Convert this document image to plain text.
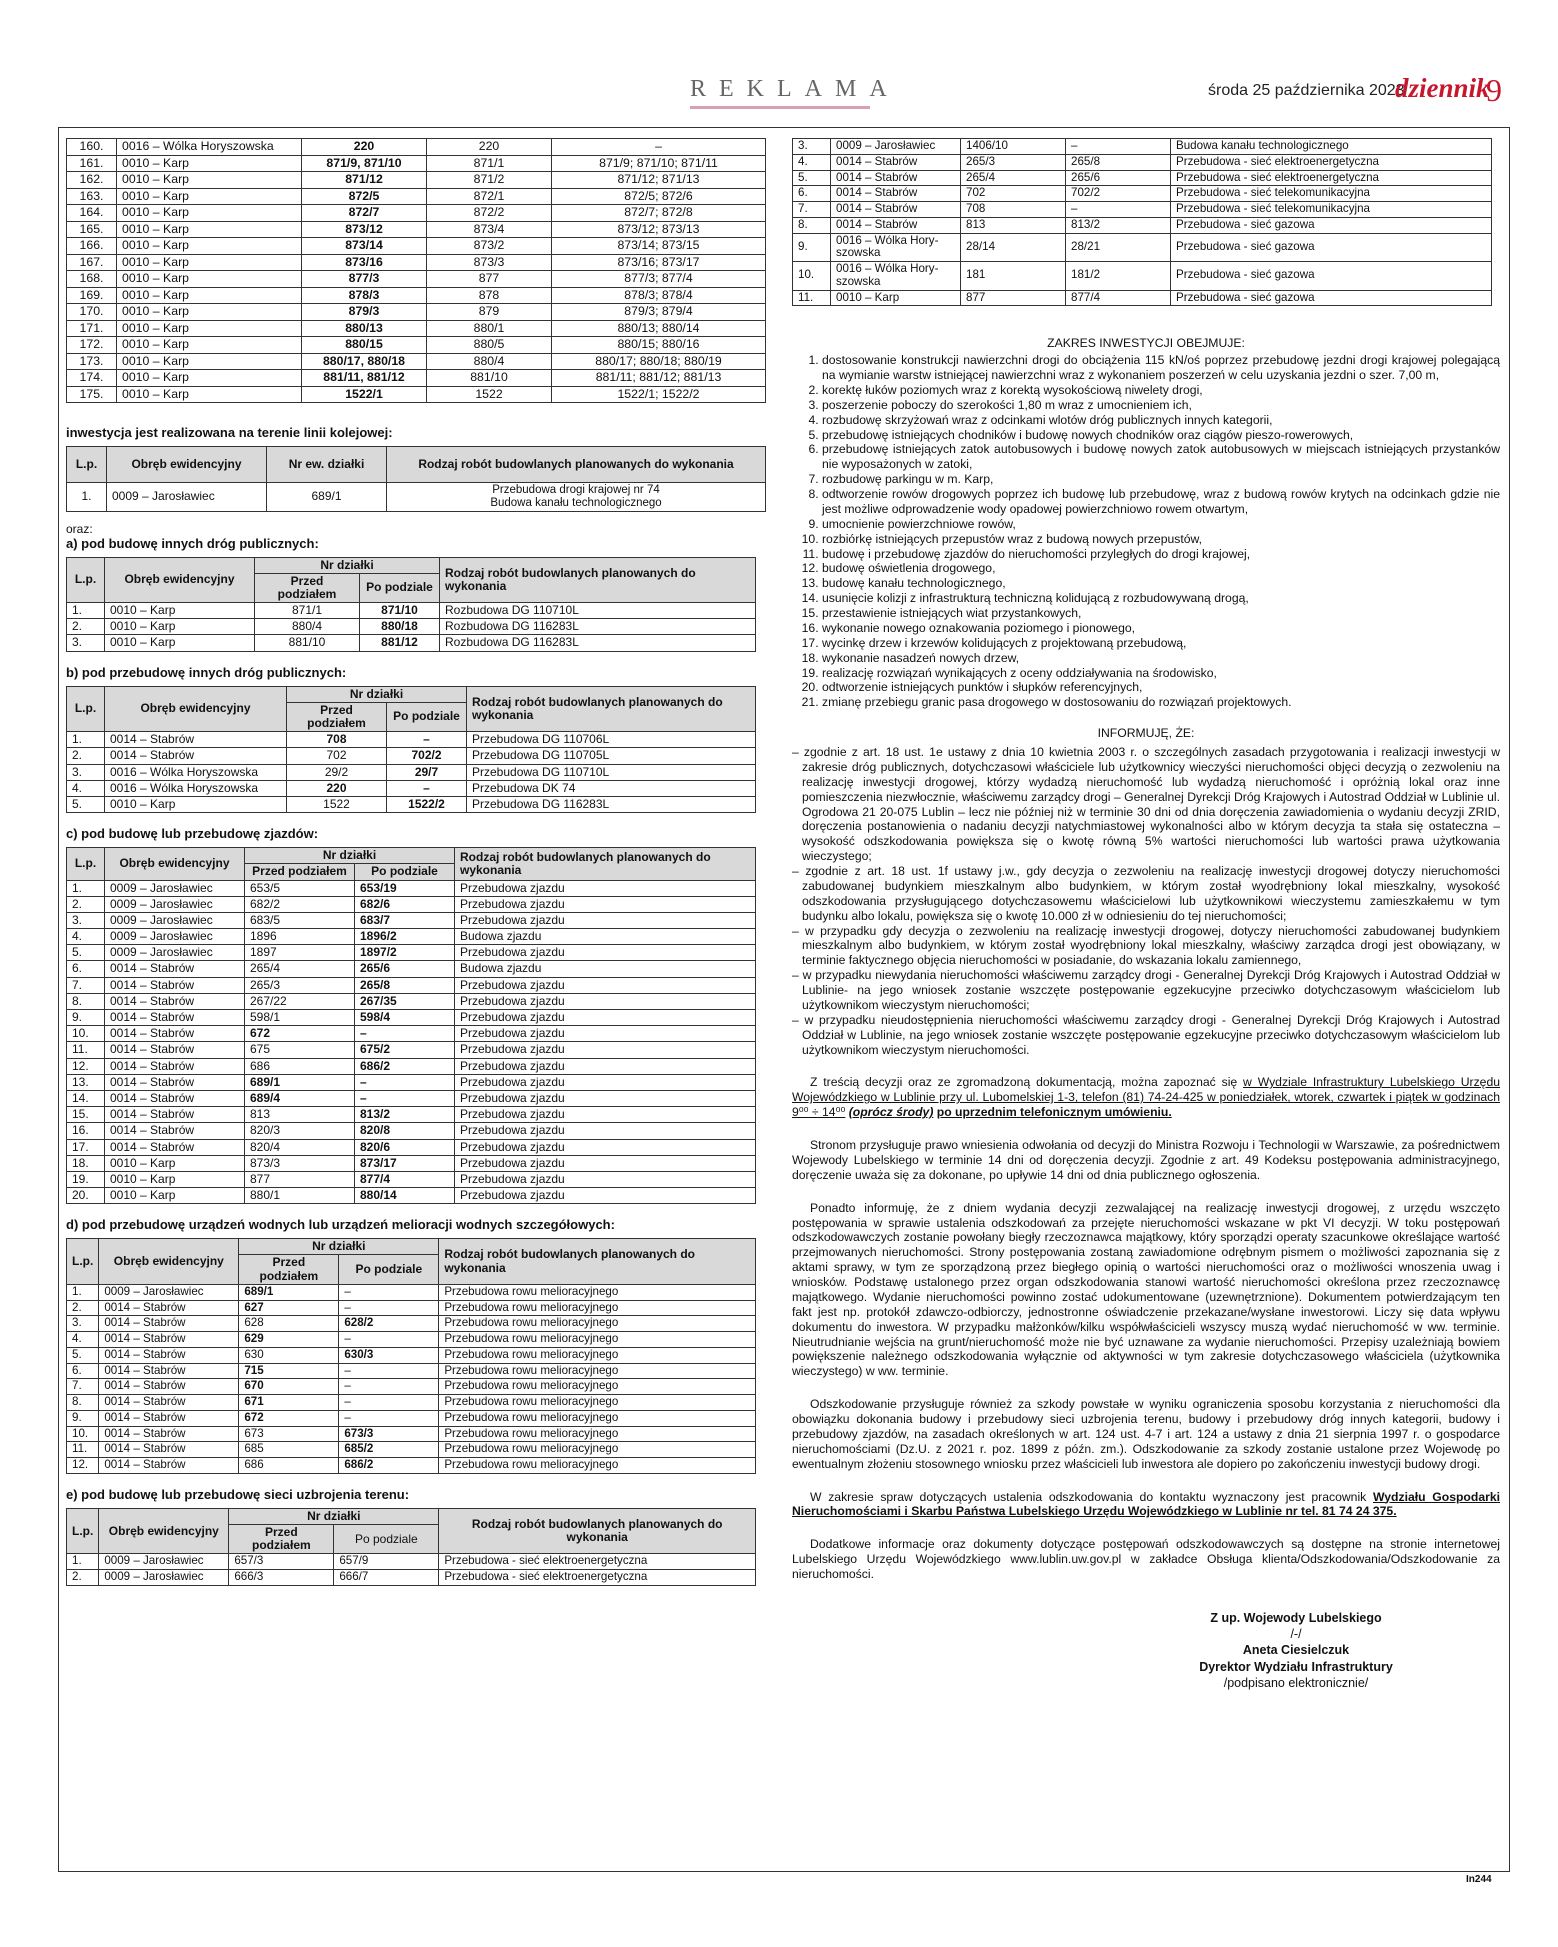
REKLAMA	środa 25 października 2023
dziennik
9
160.	0016 – Wólka Horyszowska	220	220	–
161.	0010 – Karp	871/9, 871/10	871/1	871/9; 871/10; 871/11
162.	0010 – Karp	871/12	871/2	871/12; 871/13
163.	0010 – Karp	872/5	872/1	872/5; 872/6
164.	0010 – Karp	872/7	872/2	872/7; 872/8
165.	0010 – Karp	873/12	873/4	873/12; 873/13
166.	0010 – Karp	873/14	873/2	873/14; 873/15
167.	0010 – Karp	873/16	873/3	873/16; 873/17
168.	0010 – Karp	877/3	877	877/3; 877/4
169.	0010 – Karp	878/3	878	878/3; 878/4
170.	0010 – Karp	879/3	879	879/3; 879/4
171.	0010 – Karp	880/13	880/1	880/13; 880/14
172.	0010 – Karp	880/15	880/5	880/15; 880/16
173.	0010 – Karp	880/17, 880/18	880/4	880/17; 880/18; 880/19
174.	0010 – Karp	881/11, 881/12	881/10	881/11; 881/12; 881/13
175.	0010 – Karp	1522/1	1522	1522/1; 1522/2
inwestycja jest realizowana na terenie linii kolejowej:
L.p.	Obręb ewidencyjny	Nr ew. działki	Rodzaj robót budowlanych planowanych do wykonania
1.	0009 – Jarosławiec	689/1	Przebudowa drogi krajowej nr 74
Budowa kanału technologicznego
oraz:
a) pod budowę innych dróg publicznych:
L.p.	Obręb ewidencyjny	Nr działki		Rodzaj robót budowlanych planowanych do wykonania
		Przed podziałem	Po podziale	
1.	0010 – Karp	871/1	871/10	Rozbudowa DG 110710L
2.	0010 – Karp	880/4	880/18	Rozbudowa DG 116283L
3.	0010 – Karp	881/10	881/12	Rozbudowa DG 116283L
b) pod przebudowę innych dróg publicznych:
L.p.	Obręb ewidencyjny	Nr działki		Rodzaj robót budowlanych planowanych do wykonania
		Przed podziałem	Po podziale	
1.	0014 – Stabrów	708	–	Przebudowa DG 110706L
2.	0014 – Stabrów	702	702/2	Przebudowa DG 110705L
3.	0016 – Wólka Horyszowska	29/2	29/7	Przebudowa DG 110710L
4.	0016 – Wólka Horyszowska	220	–	Przebudowa DK 74
5.	0010 – Karp	1522	1522/2	Przebudowa DG 116283L
c) pod budowę lub przebudowę zjazdów:
L.p.	Obręb ewidencyjny	Nr działki		Rodzaj robót budowlanych planowanych do wykonania
		Przed podziałem	Po podziale	
1.	0009 – Jarosławiec	653/5	653/19	Przebudowa zjazdu
2.	0009 – Jarosławiec	682/2	682/6	Przebudowa zjazdu
3.	0009 – Jarosławiec	683/5	683/7	Przebudowa zjazdu
4.	0009 – Jarosławiec	1896	1896/2	Budowa zjazdu
5.	0009 – Jarosławiec	1897	1897/2	Przebudowa zjazdu
6.	0014 – Stabrów	265/4	265/6	Budowa zjazdu
7.	0014 – Stabrów	265/3	265/8	Przebudowa zjazdu
8.	0014 – Stabrów	267/22	267/35	Przebudowa zjazdu
9.	0014 – Stabrów	598/1	598/4	Przebudowa zjazdu
10.	0014 – Stabrów	672	–	Przebudowa zjazdu
11.	0014 – Stabrów	675	675/2	Przebudowa zjazdu
12.	0014 – Stabrów	686	686/2	Przebudowa zjazdu
13.	0014 – Stabrów	689/1	–	Przebudowa zjazdu
14.	0014 – Stabrów	689/4	–	Przebudowa zjazdu
15.	0014 – Stabrów	813	813/2	Przebudowa zjazdu
16.	0014 – Stabrów	820/3	820/8	Przebudowa zjazdu
17.	0014 – Stabrów	820/4	820/6	Przebudowa zjazdu
18.	0010 – Karp	873/3	873/17	Przebudowa zjazdu
19.	0010 – Karp	877	877/4	Przebudowa zjazdu
20.	0010 – Karp	880/1	880/14	Przebudowa zjazdu
d) pod przebudowę urządzeń wodnych lub urządzeń melioracji wodnych szczegółowych:
L.p.	Obręb ewidencyjny	Nr działki		Rodzaj robót budowlanych planowanych do wykonania
		Przed podziałem	Po podziale	
1.	0009 – Jarosławiec	689/1	–	Przebudowa rowu melioracyjnego
2.	0014 – Stabrów	627	–	Przebudowa rowu melioracyjnego
3.	0014 – Stabrów	628	628/2	Przebudowa rowu melioracyjnego
4.	0014 – Stabrów	629	–	Przebudowa rowu melioracyjnego
5.	0014 – Stabrów	630	630/3	Przebudowa rowu melioracyjnego
6.	0014 – Stabrów	715	–	Przebudowa rowu melioracyjnego
7.	0014 – Stabrów	670	–	Przebudowa rowu melioracyjnego
8.	0014 – Stabrów	671	–	Przebudowa rowu melioracyjnego
9.	0014 – Stabrów	672	–	Przebudowa rowu melioracyjnego
10.	0014 – Stabrów	673	673/3	Przebudowa rowu melioracyjnego
11.	0014 – Stabrów	685	685/2	Przebudowa rowu melioracyjnego
12.	0014 – Stabrów	686	686/2	Przebudowa rowu melioracyjnego
e) pod budowę lub przebudowę sieci uzbrojenia terenu:
L.p.	Obręb ewidencyjny	Nr działki		Rodzaj robót budowlanych planowanych do wykonania
		Przed podziałem	Po podziale	
1.	0009 – Jarosławiec	657/3	657/9	Przebudowa - sieć elektroenergetyczna
2.	0009 – Jarosławiec	666/3	666/7	Przebudowa - sieć elektroenergetyczna
3.	0009 – Jarosławiec	1406/10	–	Budowa kanału technologicznego
4.	0014 – Stabrów	265/3	265/8	Przebudowa - sieć elektroenergetyczna
5.	0014 – Stabrów	265/4	265/6	Przebudowa - sieć elektroenergetyczna
6.	0014 – Stabrów	702	702/2	Przebudowa - sieć telekomunikacyjna
7.	0014 – Stabrów	708	–	Przebudowa - sieć telekomunikacyjna
8.	0014 – Stabrów	813	813/2	Przebudowa - sieć gazowa
9.	0016 – Wólka Hory- szowska	28/14	28/21	Przebudowa - sieć gazowa
10.	0016 – Wólka Hory- szowska	181	181/2	Przebudowa - sieć gazowa
11.	0010 – Karp	877	877/4	Przebudowa - sieć gazowa
ZAKRES INWESTYCJI OBEJMUJE:
1. dostosowanie konstrukcji nawierzchni drogi do obciążenia 115 kN/oś poprzez przebudowę jezdni drogi krajowej polegającą na wymianie warstw istniejącej nawierzchni wraz z wykonaniem poszerzeń w celu uzyskania jezdni o szer. 7,00 m,
2. korektę łuków poziomych wraz z korektą wysokościową niwelety drogi,
3. poszerzenie poboczy do szerokości 1,80 m wraz z umocnieniem ich,
4. rozbudowę skrzyżowań wraz z odcinkami wlotów dróg publicznych innych kategorii,
5. przebudowę istniejących chodników i budowę nowych chodników oraz ciągów pieszo-rowerowych,
6. przebudowę istniejących zatok autobusowych i budowę nowych zatok autobusowych w miejscach istniejących przystanków nie wyposażonych w zatoki,
7. rozbudowę parkingu w m. Karp,
8. odtworzenie rowów drogowych poprzez ich budowę lub przebudowę, wraz z budową rowów krytych na odcinkach gdzie nie jest możliwe odprowadzenie wody opadowej powierzchniowo rowem otwartym,
9. umocnienie powierzchniowe rowów,
10. rozbiórkę istniejących przepustów wraz z budową nowych przepustów,
11. budowę i przebudowę zjazdów do nieruchomości przyległych do drogi krajowej,
12. budowę oświetlenia drogowego,
13. budowę kanału technologicznego,
14. usunięcie kolizji z infrastrukturą techniczną kolidującą z rozbudowywaną drogą,
15. przestawienie istniejących wiat przystankowych,
16. wykonanie nowego oznakowania poziomego i pionowego,
17. wycinkę drzew i krzewów kolidujących z projektowaną przebudową,
18. wykonanie nasadzeń nowych drzew,
19. realizację rozwiązań wynikających z oceny oddziaływania na środowisko,
20. odtworzenie istniejących punktów i słupków referencyjnych,
21. zmianę przebiegu granic pasa drogowego w dostosowaniu do rozwiązań projektowych.
INFORMUJĘ, ŻE:
– zgodnie z art. 18 ust. 1e ustawy z dnia 10 kwietnia 2003 r. o szczególnych zasadach przygotowania i realizacji inwestycji w zakresie dróg publicznych, dotychczasowi właściciele lub użytkownicy wieczyści nieruchomości objęci decyzją o zezwoleniu na realizację inwestycji drogowej, którzy wydadzą nieruchomość lub wydadzą nieruchomość i opróżnią lokal oraz inne pomieszczenia niezwłocznie, właściwemu zarządcy drogi – Generalnej Dyrekcji Dróg Krajowych i Autostrad Oddział w Lublinie ul. Ogrodowa 21 20-075 Lublin – lecz nie później niż w terminie 30 dni od dnia doręczenia zawiadomienia o wydaniu decyzji ZRID, doręczenia postanowienia o nadaniu decyzji natychmiastowej wykonalności albo w którym decyzja ta stała się ostateczna – wysokość odszkodowania powiększa się o kwotę równą 5% wartości nieruchomości lub wartości prawa użytkowania wieczystego;
– zgodnie z art. 18 ust. 1f ustawy j.w., gdy decyzja o zezwoleniu na realizację inwestycji drogowej dotyczy nieruchomości zabudowanej budynkiem mieszkalnym albo budynkiem, w którym został wyodrębniony lokal mieszkalny, wysokość odszkodowania przysługującego dotychczasowemu właścicielowi lub użytkownikowi wieczystemu zamieszkałemu w tym budynku albo lokalu, powiększa się o kwotę 10.000 zł w odniesieniu do tej nieruchomości;
– w przypadku gdy decyzja o zezwoleniu na realizację inwestycji drogowej, dotyczy nieruchomości zabudowanej budynkiem mieszkalnym albo budynkiem, w którym został wyodrębniony lokal mieszkalny, właściwy zarządca drogi jest obowiązany, w terminie faktycznego objęcia nieruchomości w posiadanie, do wskazania lokalu zamiennego,
– w przypadku niewydania nieruchomości właściwemu zarządcy drogi - Generalnej Dyrekcji Dróg Krajowych i Autostrad Oddział w Lublinie- na jego wniosek zostanie wszczęte postępowanie egzekucyjne przeciwko dotychczasowym właścicielom lub użytkownikom wieczystym nieruchomości;
– w przypadku nieudostępnienia nieruchomości właściwemu zarządcy drogi - Generalnej Dyrekcji Dróg Krajowych i Autostrad Oddział w Lublinie, na jego wniosek zostanie wszczęte postępowanie egzekucyjne przeciwko dotychczasowym właścicielom lub użytkownikom wieczystym nieruchomości.

Z treścią decyzji oraz ze zgromadzoną dokumentacją, można zapoznać się w Wydziale Infrastruktury Lubelskiego Urzędu Wojewódzkiego w Lublinie przy ul. Lubomelskiej 1-3, telefon (81) 74-24-425 w poniedziałek, wtorek, czwartek i piątek w godzinach 9⁰⁰ ÷ 14⁰⁰ (oprócz środy) po uprzednim telefonicznym umówieniu.

Stronom przysługuje prawo wniesienia odwołania od decyzji do Ministra Rozwoju i Technologii w Warszawie, za pośrednictwem Wojewody Lubelskiego w terminie 14 dni od doręczenia decyzji. Zgodnie z art. 49 Kodeksu postępowania administracyjnego, doręczenie uważa się za dokonane, po upływie 14 dni od dnia publicznego ogłoszenia.

Ponadto informuję, że z dniem wydania decyzji zezwalającej na realizację inwestycji drogowej, z urzędu wszczęto postępowania w sprawie ustalenia odszkodowań za przejęte nieruchomości wskazane w pkt VI decyzji. W toku postępowań odszkodowawczych zostanie powołany biegły rzeczoznawca majątkowy, który sporządzi operaty szacunkowe określające wartość przejmowanych nieruchomości. Strony postępowania zostaną zawiadomione odrębnym pismem o możliwości zapoznania się z aktami sprawy, w tym ze sporządzoną przez biegłego opinią o wartości nieruchomości oraz o możliwości wnoszenia uwag i wniosków. Podstawę ustalonego przez organ odszkodowania stanowi wartość nieruchomości określona przez rzeczoznawcę majątkowego. Wydanie nieruchomości powinno zostać udokumentowane (uzewnętrznione). Dokumentem potwierdzającym ten fakt jest np. protokół zdawczo-odbiorczy, jednostronne oświadczenie przekazane/wysłane inwestorowi. Liczy się data wpływu dokumentu do inwestora. W przypadku małżonków/kilku współwłaścicieli wszyscy muszą wydać nieruchomość w ww. terminie. Nieutrudnianie wejścia na grunt/nieruchomość może nie być uznawane za wydanie nieruchomości. Przepisy uzależniają bowiem powiększenie należnego odszkodowania wyłącznie od aktywności w tym zakresie dotychczasowego właściciela (użytkownika wieczystego) w ww. terminie.

Odszkodowanie przysługuje również za szkody powstałe w wyniku ograniczenia sposobu korzystania z nieruchomości dla obowiązku dokonania budowy i przebudowy sieci uzbrojenia terenu, budowy i przebudowy dróg innych kategorii, budowy i przebudowy zjazdów, na zasadach określonych w art. 124 ust. 4-7 i art. 124 a ustawy z dnia 21 sierpnia 1997 r. o gospodarce nieruchomościami (Dz.U. z 2021 r. poz. 1899 z późn. zm.). Odszkodowanie za szkody zostanie ustalone przez Wojewodę po ewentualnym złożeniu stosownego wniosku przez właścicieli lub inwestora ale dopiero po zakończeniu inwestycji budowy drogi.

W zakresie spraw dotyczących ustalenia odszkodowania do kontaktu wyznaczony jest pracownik Wydziału Gospodarki Nieruchomościami i Skarbu Państwa Lubelskiego Urzędu Wojewódzkiego w Lublinie nr tel. 81 74 24 375.

Dodatkowe informacje oraz dokumenty dotyczące postępowań odszkodowawczych są dostępne na stronie internetowej Lubelskiego Urzędu Wojewódzkiego www.lublin.uw.gov.pl w zakładce Obsługa klienta/Odszkodowania/Odszkodowanie za nieruchomości.

Z up. Wojewody Lubelskiego
/-/
Aneta Ciesielczuk
Dyrektor Wydziału Infrastruktury
/podpisano elektronicznie/
In244
